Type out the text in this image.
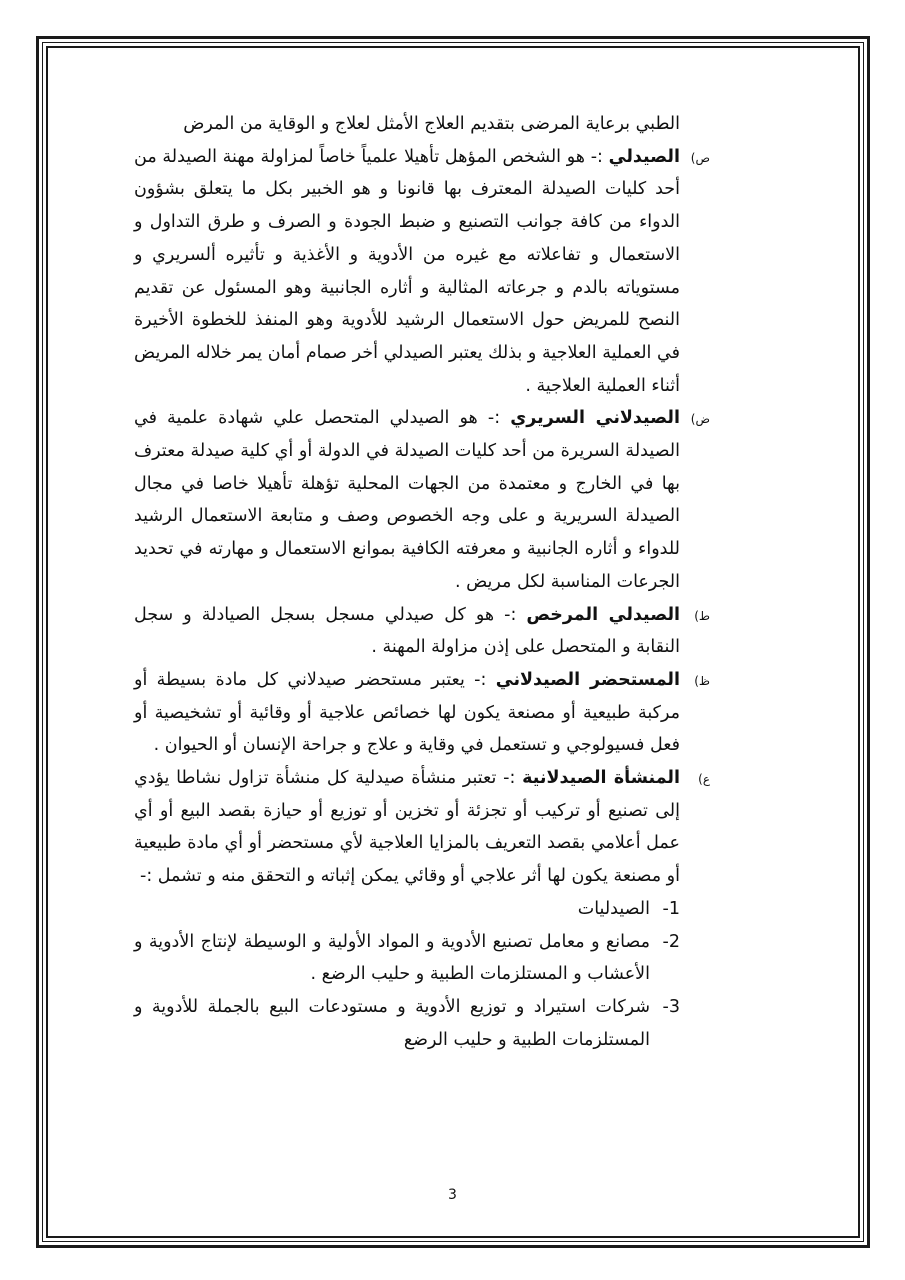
الطبي برعاية المرضى بتقديم العلاج الأمثل لعلاج و الوقاية من المرض

ص)
الصيدلي :- هو الشخص المؤهل تأهيلا علمياً خاصاً لمزاولة مهنة الصيدلة من أحد كليات الصيدلة المعترف بها قانونا و هو الخبير بكل ما يتعلق بشؤون الدواء من كافة جوانب التصنيع و ضبط الجودة و الصرف و طرق التداول و الاستعمال و تفاعلاته مع غيره من الأدوية و الأغذية و تأثيره ألسريري و مستوياته بالدم و جرعاته المثالية و أثاره الجانبية وهو المسئول عن تقديم النصح للمريض حول الاستعمال الرشيد للأدوية وهو المنفذ للخطوة الأخيرة في العملية العلاجية و بذلك يعتبر الصيدلي أخر صمام أمان يمر خلاله المريض أثناء العملية العلاجية .
ض)
الصيدلاني السريري :- هو الصيدلي المتحصل علي شهادة علمية في الصيدلة السريرة من أحد كليات الصيدلة في الدولة أو أي كلية صيدلة معترف بها في الخارج و معتمدة من الجهات المحلية تؤهلة تأهيلا خاصا في مجال الصيدلة السريرية و على وجه الخصوص وصف و متابعة الاستعمال الرشيد للدواء و أثاره الجانبية و معرفته الكافية بموانع الاستعمال و مهارته في تحديد الجرعات المناسبة لكل مريض .
ط)
الصيدلي المرخص :- هو كل صيدلي مسجل بسجل الصيادلة و سجل النقابة و المتحصل على إذن مزاولة المهنة .
ظ)
المستحضر الصيدلاني :- يعتبر مستحضر صيدلاني كل مادة بسيطة أو مركبة طبيعية أو مصنعة يكون لها خصائص علاجية أو وقائية أو تشخيصية أو فعل فسيولوجي و تستعمل في وقاية و علاج و جراحة الإنسان أو الحيوان .
ع)
المنشأة الصيدلانية :- تعتبر منشأة صيدلية كل منشأة تزاول نشاطا يؤدي إلى تصنيع أو تركيب أو تجزئة أو تخزين أو توزيع أو حيازة بقصد البيع أو أي عمل أعلامي بقصد التعريف بالمزايا العلاجية لأي مستحضر أو أي مادة طبيعية أو مصنعة يكون لها أثر علاجي أو وقائي يمكن إثباته و التحقق منه و تشمل :-
1-
الصيدليات
2-
مصانع و معامل تصنيع الأدوية و المواد الأولية و الوسيطة لإنتاج الأدوية و الأعشاب و المستلزمات الطبية و حليب الرضع .
3-
شركات استيراد و توزيع الأدوية و مستودعات البيع بالجملة للأدوية و المستلزمات الطبية و حليب الرضع
3
